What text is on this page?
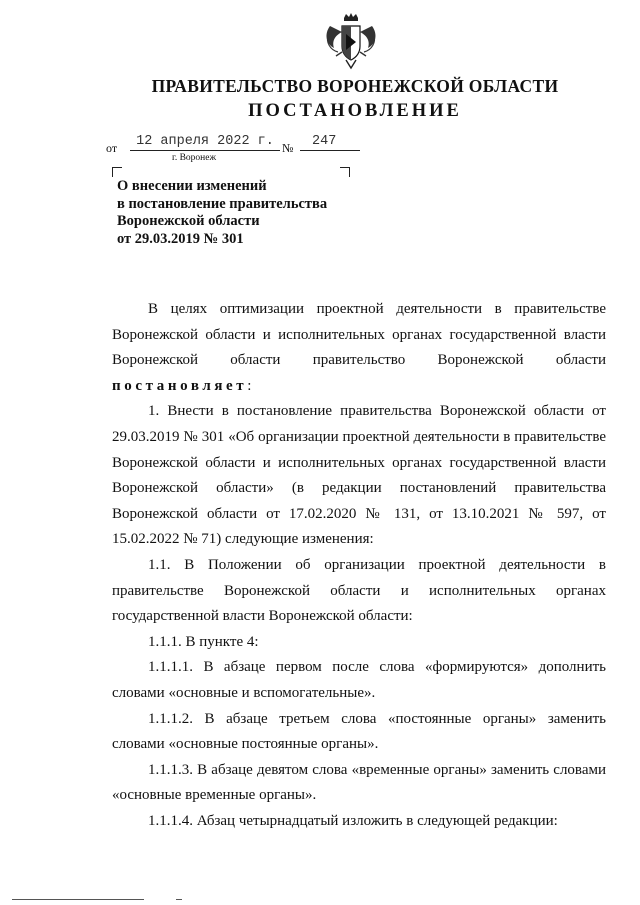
ПРАВИТЕЛЬСТВО ВОРОНЕЖСКОЙ ОБЛАСТИ
ПОСТАНОВЛЕНИЕ
от	12 апреля 2022 г. №	247
г. Воронеж
О внесении изменений
в постановление правительства
Воронежской области
от 29.03.2019 № 301

В целях оптимизации проектной деятельности в правительстве Воронежской области и исполнительных органах государственной власти Воронежской области правительство Воронежской области постановляет:

1. Внести в постановление правительства Воронежской области от 29.03.2019 № 301 «Об организации проектной деятельности в правительстве Воронежской области и исполнительных органах государственной власти Воронежской области» (в редакции постановлений правительства Воронежской области от 17.02.2020 № 131, от 13.10.2021 № 597, от 15.02.2022 № 71) следующие изменения:

1.1. В Положении об организации проектной деятельности в правительстве Воронежской области и исполнительных органах государственной власти Воронежской области:

1.1.1. В пункте 4:

1.1.1.1. В абзаце первом после слова «формируются» дополнить словами «основные и вспомогательные».

1.1.1.2. В абзаце третьем слова «постоянные органы» заменить словами «основные постоянные органы».

1.1.1.3. В абзаце девятом слова «временные органы» заменить словами «основные временные органы».

1.1.1.4. Абзац четырнадцатый изложить в следующей редакции:
